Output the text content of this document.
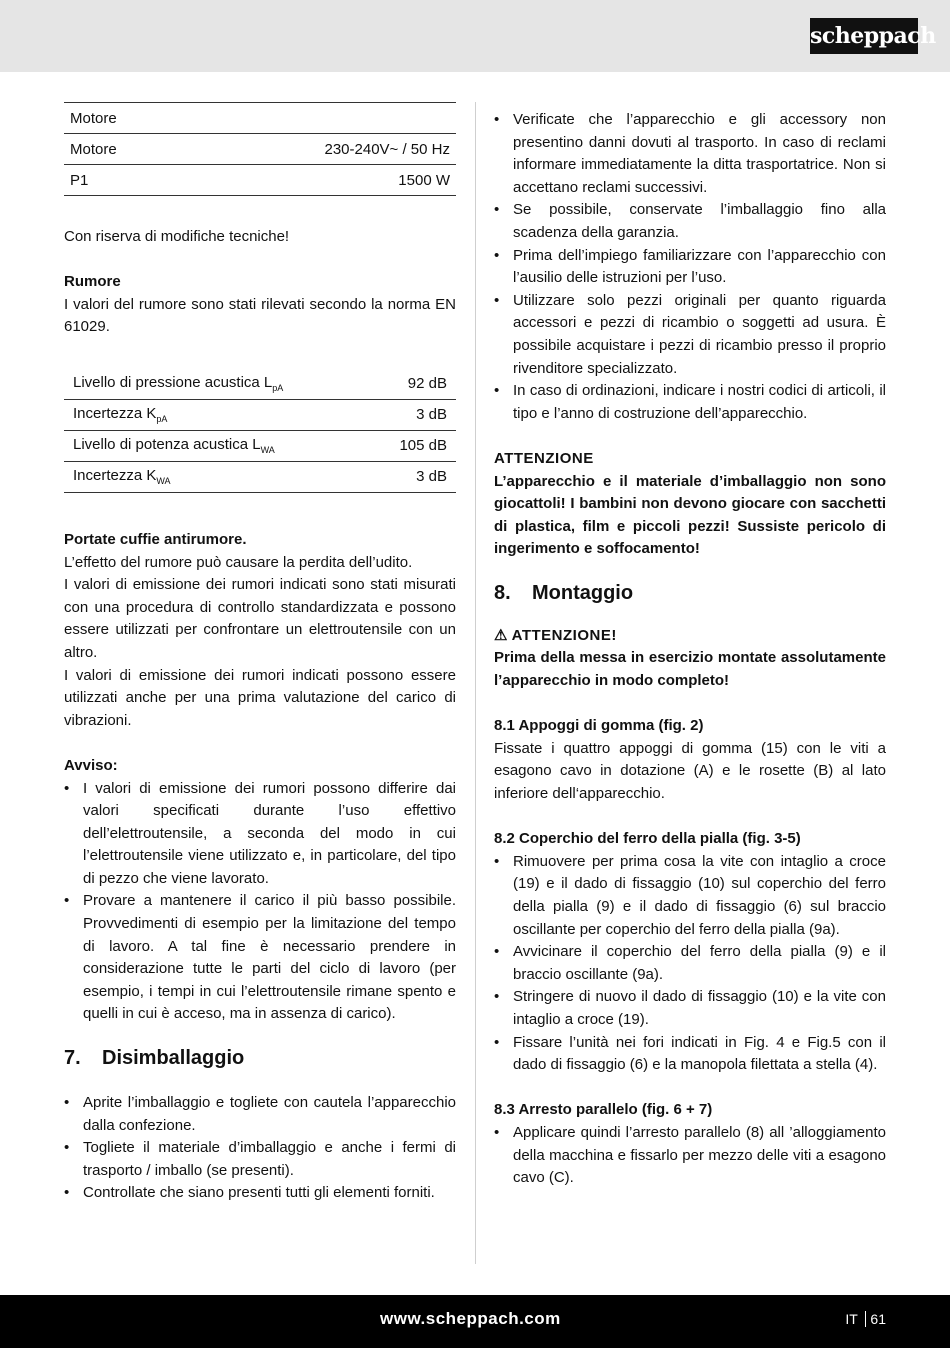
scheppach
Motore	
Motore	230-240V~ / 50 Hz
P1	1500 W

Con riserva di modifiche tecniche!

Rumore

I valori del rumore sono stati rilevati secondo la norma EN 61029.

Livello di pressione acustica $L_{pA}$	92 dB
Incertezza $K_{pA}$	3 dB
Livello di potenza acustica $L_{WA}$	105 dB
Incertezza $K_{WA}$	3 dB

Portate cuffie antirumore.

L’effetto del rumore può causare la perdita dell’udito.

I valori di emissione dei rumori indicati sono stati misurati con una procedura di controllo standardizzata e possono essere utilizzati per confrontare un elettroutensile con un altro.

I valori di emissione dei rumori indicati possono essere utilizzati anche per una prima valutazione del carico di vibrazioni.

Avviso:

• I valori di emissione dei rumori possono differire dai valori specificati durante l’uso effettivo dell’elettroutensile, a seconda del modo in cui l’elettroutensile viene utilizzato e, in particolare, del tipo di pezzo che viene lavorato.
• Provare a mantenere il carico il più basso possibile. Provvedimenti di esempio per la limitazione del tempo di lavoro. A tal fine è necessario prendere in considerazione tutte le parti del ciclo di lavoro (per esempio, i tempi in cui l’elettroutensile rimane spento e quelli in cui è acceso, ma in assenza di carico).
7. Disimballaggio
• Aprite l’imballaggio e togliete con cautela l’apparecchio dalla confezione.
• Togliete il materiale d’imballaggio e anche i fermi di trasporto / imballo (se presenti).
• Controllate che siano presenti tutti gli elementi forniti.
• Verificate che l’apparecchio e gli accessory non presentino danni dovuti al trasporto. In caso di reclami informare immediatamente la ditta trasportatrice. Non si accettano reclami successivi.
• Se possibile, conservate l’imballaggio fino alla scadenza della garanzia.
• Prima dell’impiego familiarizzare con l’apparecchio con l’ausilio delle istruzioni per l’uso.
• Utilizzare solo pezzi originali per quanto riguarda accessori e pezzi di ricambio o soggetti ad usura. È possibile acquistare i pezzi di ricambio presso il proprio rivenditore specializzato.
• In caso di ordinazioni, indicare i nostri codici di articoli, il tipo e l’anno di costruzione dell’apparecchio.

ATTENZIONE

L’apparecchio e il materiale d’imballaggio non sono giocattoli! I bambini non devono giocare con sacchetti di plastica, film e piccoli pezzi! Sussiste pericolo di ingerimento e soffocamento!

8. Montaggio

⚠ ATTENZIONE!

Prima della messa in esercizio montate assolutamente l’apparecchio in modo completo!

8.1 Appoggi di gomma (fig. 2)

Fissate i quattro appoggi di gomma (15) con le viti a esagono cavo in dotazione (A) e le rosette (B) al lato inferiore dell‘apparecchio.

8.2 Coperchio del ferro della pialla (fig. 3-5)

• Rimuovere per prima cosa la vite con intaglio a croce (19) e il dado di fissaggio (10) sul coperchio del ferro della pialla (9) e il dado di fissaggio (6) sul braccio oscillante per coperchio del ferro della pialla (9a).
• Avvicinare il coperchio del ferro della pialla (9) e il braccio oscillante (9a).
• Stringere di nuovo il dado di fissaggio (10) e la vite con intaglio a croce (19).
• Fissare l’unità nei fori indicati in Fig. 4 e Fig.5 con il dado di fissaggio (6) e la manopola filettata a stella (4).

8.3 Arresto parallelo (fig. 6 + 7)

• Applicare quindi l’arresto parallelo (8) all ’alloggiamento della macchina e fissarlo per mezzo delle viti a esagono cavo (C).
www.scheppach.com	IT 61
